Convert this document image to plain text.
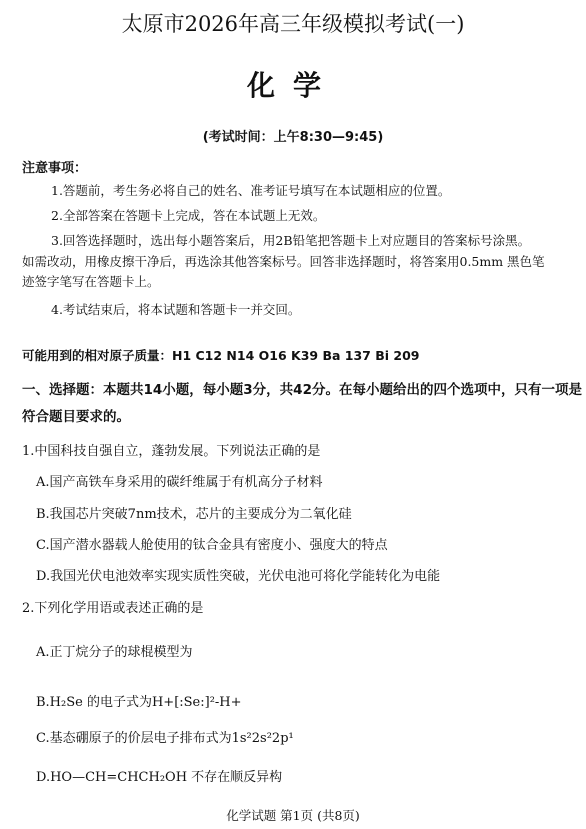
太原市2026年高三年级模拟考试(一)
化学
(考试时间：上午8:30—9:45)
注意事项：
1.答题前，考生务必将自己的姓名、准考证号填写在本试题相应的位置。
2.全部答案在答题卡上完成，答在本试题上无效。
3.回答选择题时，选出每小题答案后，用2B铅笔把答题卡上对应题目的答案标号涂黑。
如需改动，用橡皮擦干净后，再选涂其他答案标号。回答非选择题时，将答案用0.5mm 黑色笔
迹签字笔写在答题卡上。
4.考试结束后，将本试题和答题卡一并交回。
可能用到的相对原子质量：H1 C12 N14 O16 K39 Ba 137 Bi 209
一、选择题：本题共14小题，每小题3分，共42分。在每小题给出的四个选项中，只有一项是
符合题目要求的。
1.中国科技自强自立，蓬勃发展。下列说法正确的是
A.国产高铁车身采用的碳纤维属于有机高分子材料
B.我国芯片突破7nm技术，芯片的主要成分为二氧化硅
C.国产潜水器载人舱使用的钛合金具有密度小、强度大的特点
D.我国光伏电池效率实现实质性突破，光伏电池可将化学能转化为电能
2.下列化学用语或表述正确的是
A.正丁烷分子的球棍模型为
B.H₂Se 的电子式为H+[:Se:]²-H+
C.基态硼原子的价层电子排布式为1s²2s²2p¹
D.HO—CH=CHCH₂OH 不存在顺反异构
化学试题 第1页 (共8页)
